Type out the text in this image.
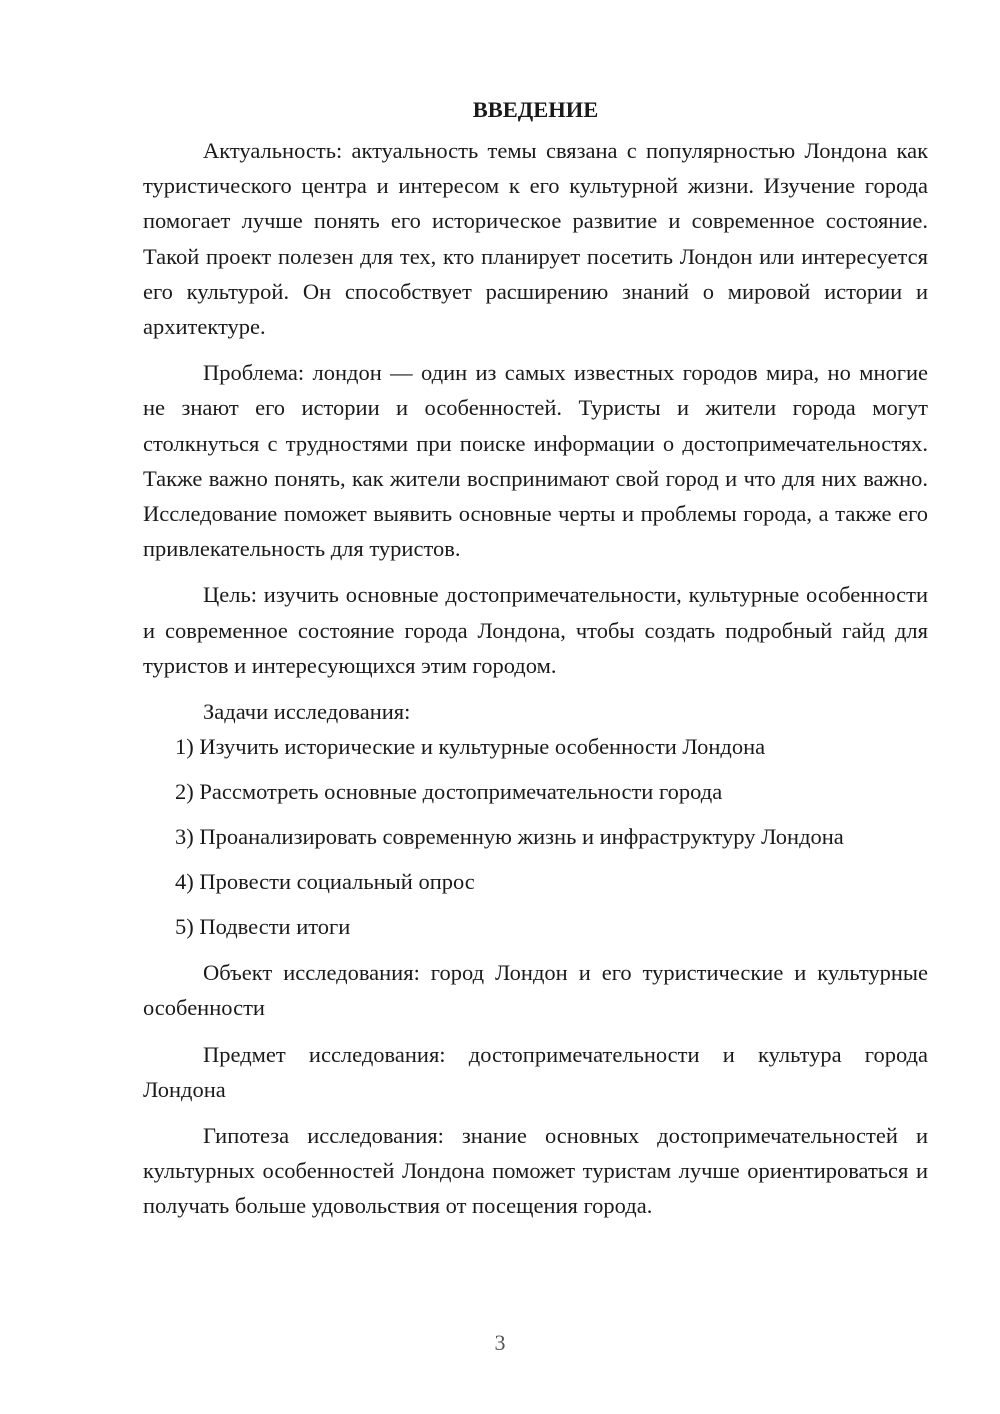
ВВЕДЕНИЕ

Актуальность: актуальность темы связана с популярностью Лондона как туристического центра и интересом к его культурной жизни. Изучение города помогает лучше понять его историческое развитие и современное состояние. Такой проект полезен для тех, кто планирует посетить Лондон или интересуется его культурой. Он способствует расширению знаний о мировой истории и архитектуре.

Проблема: лондон — один из самых известных городов мира, но многие не знают его истории и особенностей. Туристы и жители города могут столкнуться с трудностями при поиске информации о достопримечательностях. Также важно понять, как жители воспринимают свой город и что для них важно. Исследование поможет выявить основные черты и проблемы города, а также его привлекательность для туристов.

Цель: изучить основные достопримечательности, культурные особенности и современное состояние города Лондона, чтобы создать подробный гайд для туристов и интересующихся этим городом.

Задачи исследования:

1) Изучить исторические и культурные особенности Лондона
2) Рассмотреть основные достопримечательности города
3) Проанализировать современную жизнь и инфраструктуру Лондона
4) Провести социальный опрос
5) Подвести итоги

Объект исследования: город Лондон и его туристические и культурные особенности

Предмет исследования: достопримечательности и культура города Лондона

Гипотеза исследования: знание основных достопримечательностей и культурных особенностей Лондона поможет туристам лучше ориентироваться и получать больше удовольствия от посещения города.

3
